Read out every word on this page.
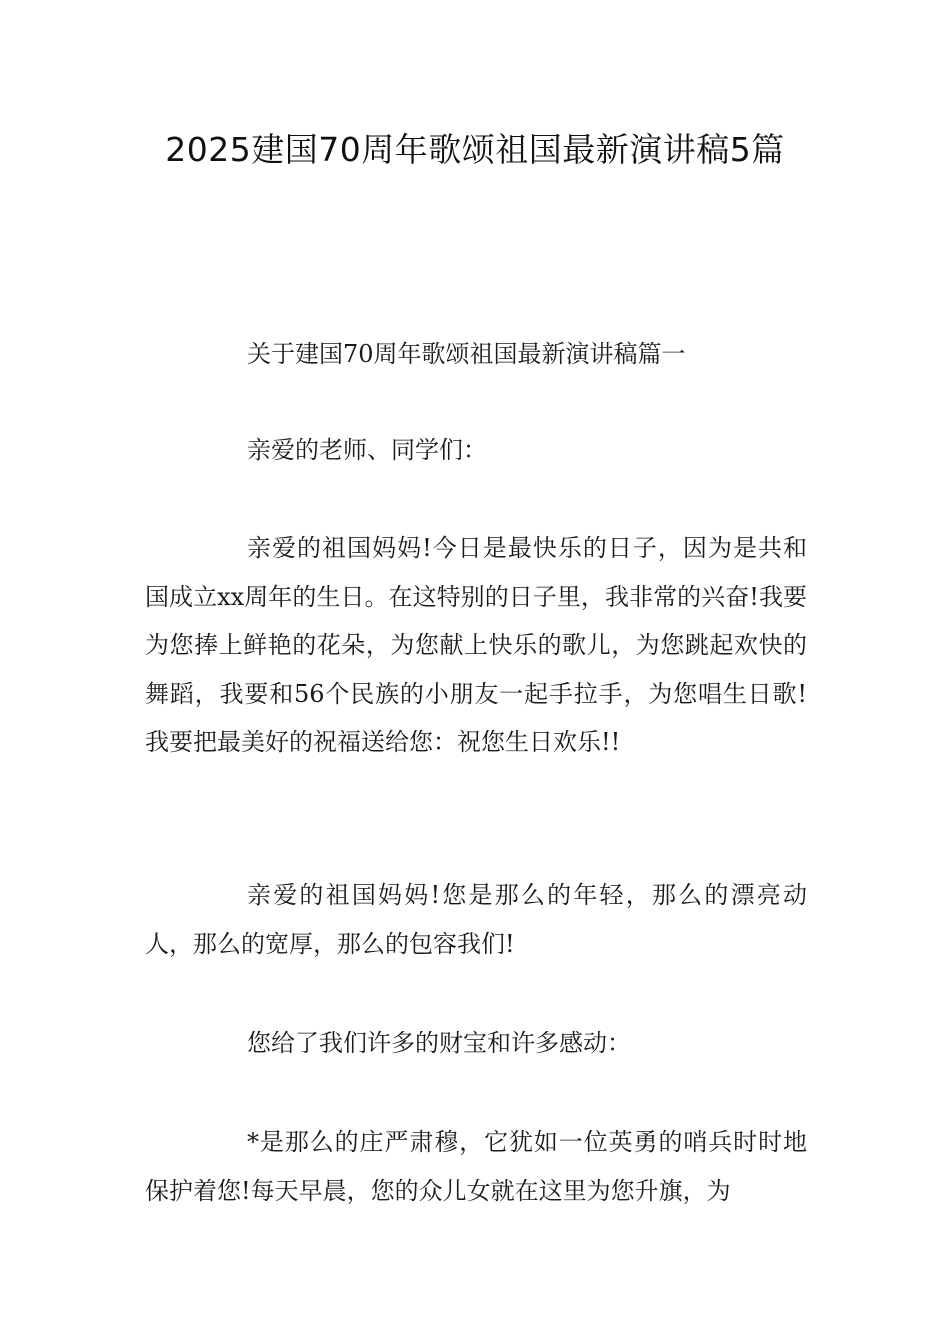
2025建国70周年歌颂祖国最新演讲稿5篇

关于建国70周年歌颂祖国最新演讲稿篇一

亲爱的老师、同学们：

亲爱的祖国妈妈!今日是最快乐的日子，因为是共和国成立xx周年的生日。在这特别的日子里，我非常的兴奋!我要为您捧上鲜艳的花朵，为您献上快乐的歌儿，为您跳起欢快的舞蹈，我要和56个民族的小朋友一起手拉手，为您唱生日歌!我要把最美好的祝福送给您：祝您生日欢乐!!

亲爱的祖国妈妈!您是那么的年轻，那么的漂亮动人，那么的宽厚，那么的包容我们!

您给了我们许多的财宝和许多感动：

*是那么的庄严肃穆，它犹如一位英勇的哨兵时时地保护着您!每天早晨，您的众儿女就在这里为您升旗，为
